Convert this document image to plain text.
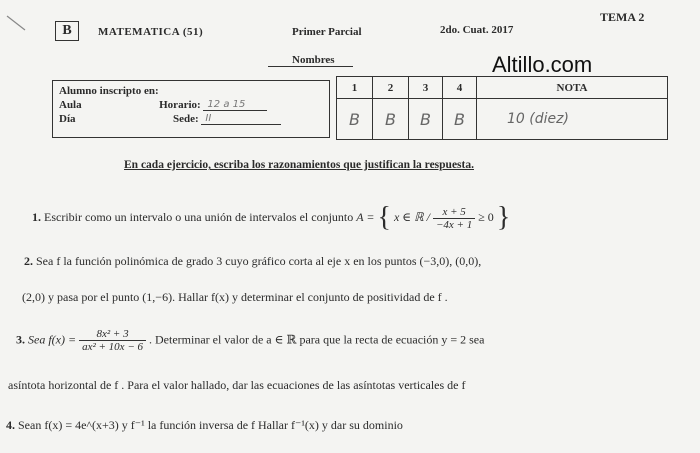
B	MATEMATICA (51)	Primer Parcial	2do. Cuat. 2017
TEMA 2
Nombres	Altillo.com
Alumno inscripto en:
Aula	Horario: 12 a 15
Día	Sede: II
1	2	3	4	NOTA
B	B	B	B	10 (diez)
En cada ejercicio, escriba los razonamientos que justifican la respuesta.
1. Escribir como un intervalo o una unión de intervalos el conjunto A = { x ∈ ℝ / $\frac{x + 5}{-4x + 1} \ge 0$ }
2. Sea f la función polinómica de grado 3 cuyo gráfico corta al eje x en los puntos (−3,0), (0,0),
(2,0) y pasa por el punto (1,−6). Hallar f(x) y determinar el conjunto de positividad de f .
3. Sea $f(x) = \frac{\text{8x² + 3}}{\text{ax² + 10x − 6}}$ . Determinar el valor de a ∈ ℝ para que la recta de ecuación y = 2 sea
asíntota horizontal de f . Para el valor hallado, dar las ecuaciones de las asíntotas verticales de f
4. Sean f(x) = 4e^(x+3) y f⁻¹ la función inversa de f Hallar f⁻¹(x) y dar su dominio
